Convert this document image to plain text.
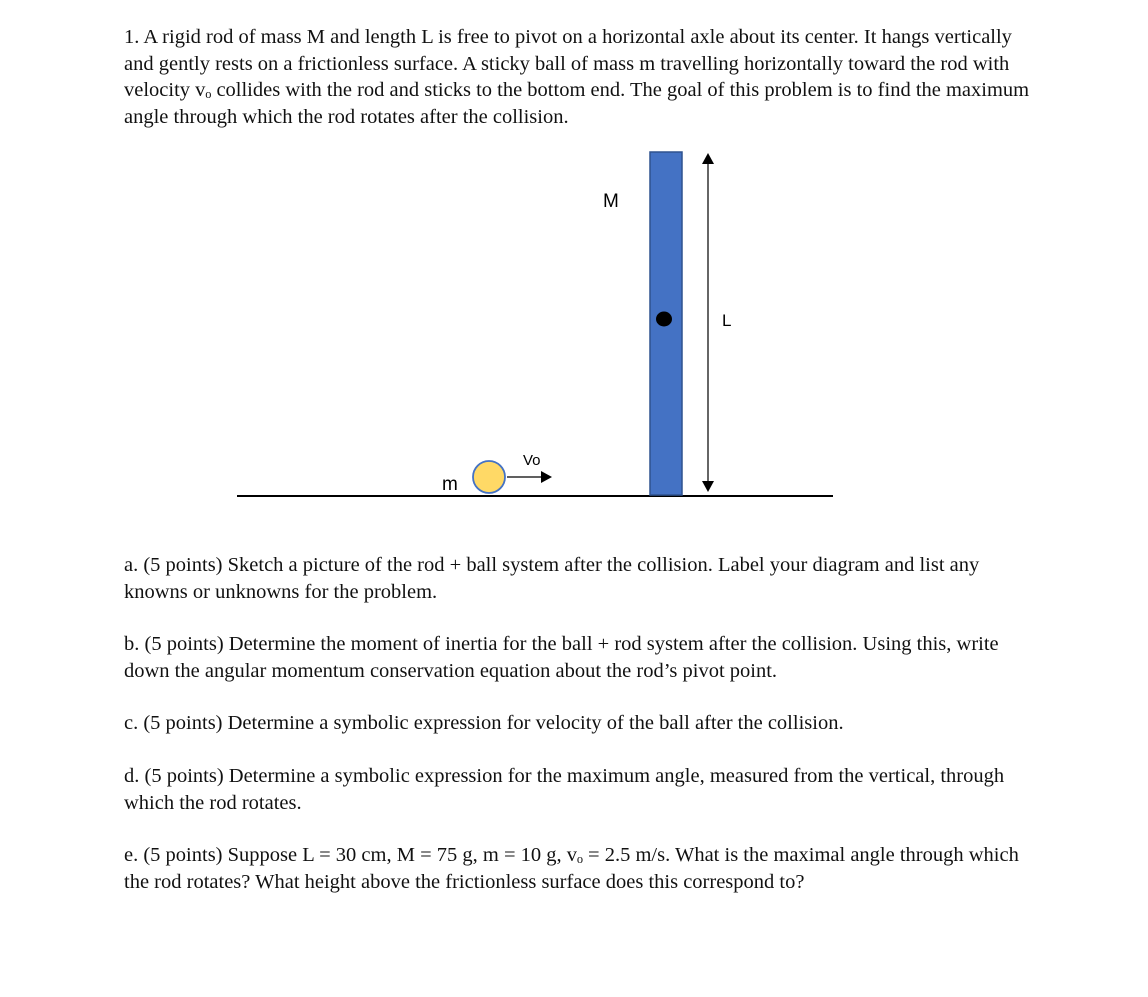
1. A rigid rod of mass M and length L is free to pivot on a horizontal axle about its center. It hangs vertically and gently rests on a frictionless surface. A sticky ball of mass m travelling horizontally toward the rod with velocity vₒ collides with the rod and sticks to the bottom end. The goal of this problem is to find the maximum angle through which the rod rotates after the collision.

M
L
m
Vo

a. (5 points) Sketch a picture of the rod + ball system after the collision. Label your diagram and list any knowns or unknowns for the problem.

b. (5 points) Determine the moment of inertia for the ball + rod system after the collision. Using this, write down the angular momentum conservation equation about the rod’s pivot point.

c. (5 points) Determine a symbolic expression for velocity of the ball after the collision.

d. (5 points) Determine a symbolic expression for the maximum angle, measured from the vertical, through which the rod rotates.

e. (5 points) Suppose L = 30 cm, M = 75 g, m = 10 g, vₒ = 2.5 m/s. What is the maximal angle through which the rod rotates? What height above the frictionless surface does this correspond to?
